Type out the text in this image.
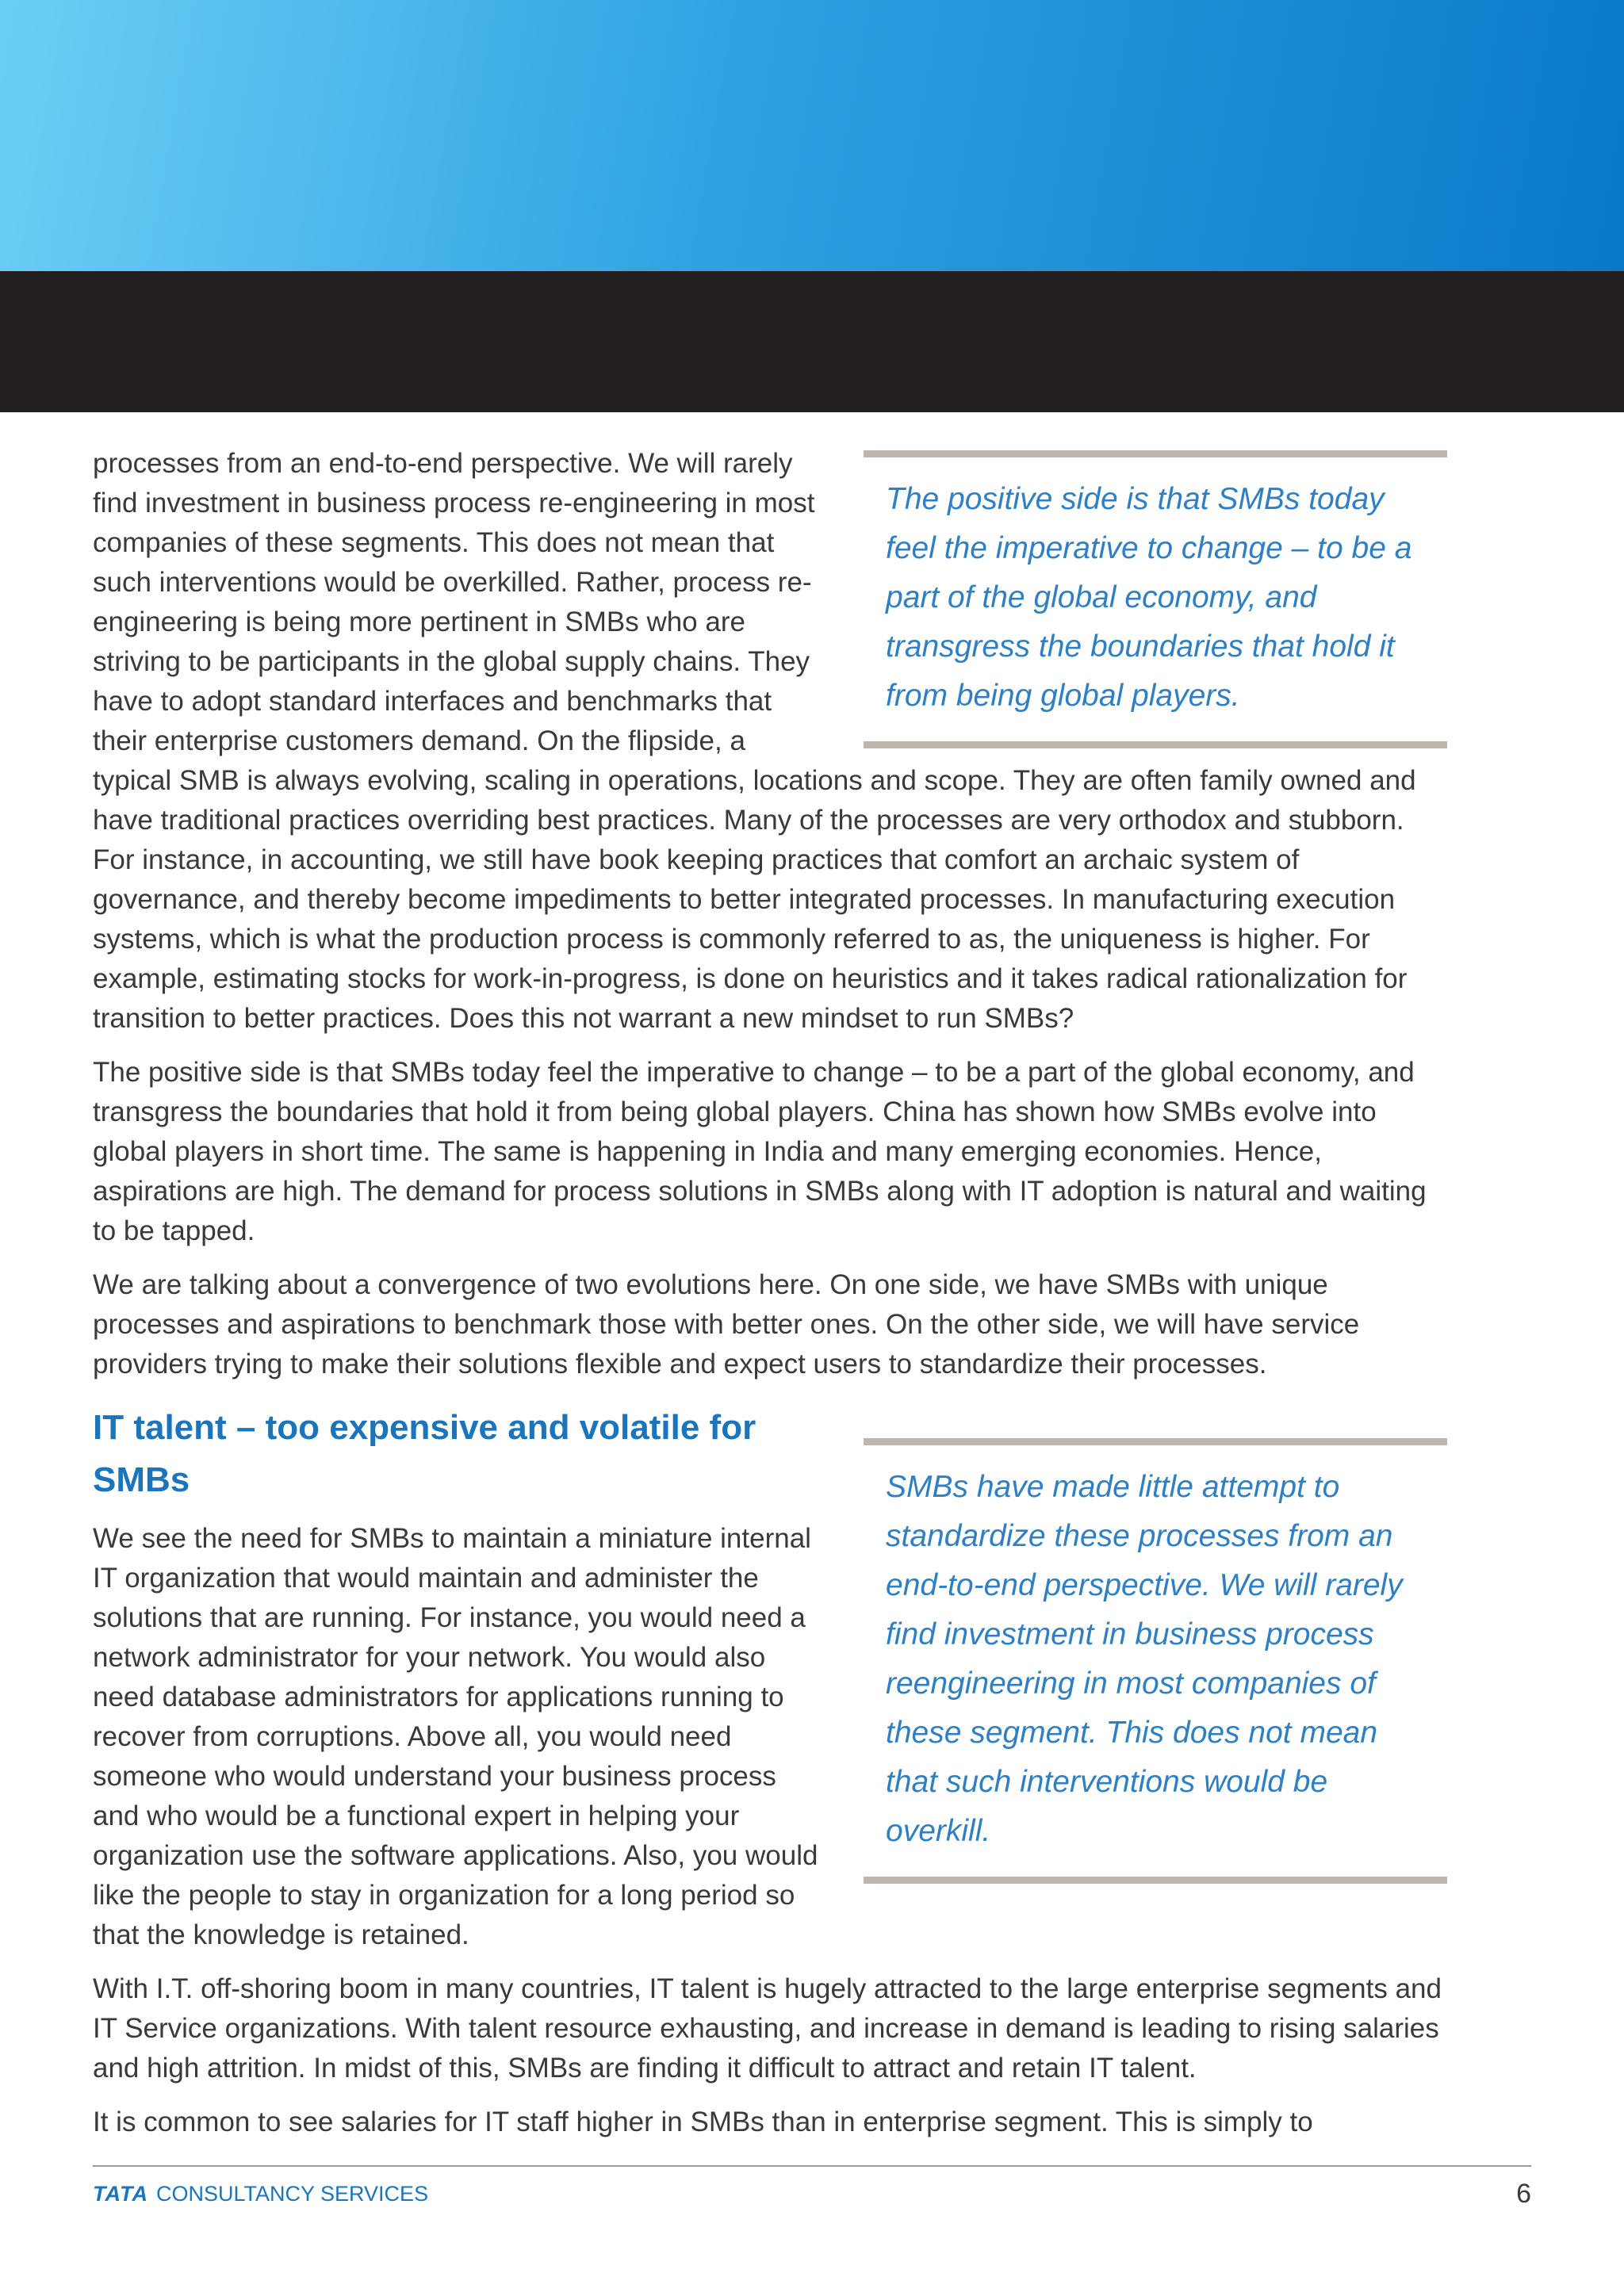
The positive side is that SMBs today feel the imperative to change – to be a part of the global economy, and transgress the boundaries that hold it from being global players.

processes from an end-to-end perspective. We will rarely find investment in business process re-engineering in most companies of these segments. This does not mean that such interventions would be overkilled. Rather, process re-engineering is being more pertinent in SMBs who are striving to be participants in the global supply chains. They have to adopt standard interfaces and benchmarks that their enterprise customers demand. On the flipside, a typical SMB is always evolving, scaling in operations, locations and scope. They are often family owned and have traditional practices overriding best practices. Many of the processes are very orthodox and stubborn. For instance, in accounting, we still have book keeping practices that comfort an archaic system of governance, and thereby become impediments to better integrated processes. In manufacturing execution systems, which is what the production process is commonly referred to as, the uniqueness is higher. For example, estimating stocks for work-in-progress, is done on heuristics and it takes radical rationalization for transition to better practices. Does this not warrant a new mindset to run SMBs?

The positive side is that SMBs today feel the imperative to change – to be a part of the global economy, and transgress the boundaries that hold it from being global players. China has shown how SMBs evolve into global players in short time. The same is happening in India and many emerging economies. Hence, aspirations are high. The demand for process solutions in SMBs along with IT adoption is natural and waiting to be tapped.

We are talking about a convergence of two evolutions here. On one side, we have SMBs with unique processes and aspirations to benchmark those with better ones. On the other side, we will have service providers trying to make their solutions flexible and expect users to standardize their processes.

SMBs have made little attempt to standardize these processes from an end-to-end perspective. We will rarely find investment in business process reengineering in most companies of these segment. This does not mean that such interventions would be overkill.
IT talent – too expensive and volatile for SMBs

We see the need for SMBs to maintain a miniature internal IT organization that would maintain and administer the solutions that are running. For instance, you would need a network administrator for your network. You would also need database administrators for applications running to recover from corruptions. Above all, you would need someone who would understand your business process and who would be a functional expert in helping your organization use the software applications. Also, you would like the people to stay in organization for a long period so that the knowledge is retained.

With I.T. off-shoring boom in many countries, IT talent is hugely attracted to the large enterprise segments and IT Service organizations. With talent resource exhausting, and increase in demand is leading to rising salaries and high attrition. In midst of this, SMBs are finding it difficult to attract and retain IT talent.

It is common to see salaries for IT staff higher in SMBs than in enterprise segment. This is simply to

TATA CONSULTANCY SERVICES	6
